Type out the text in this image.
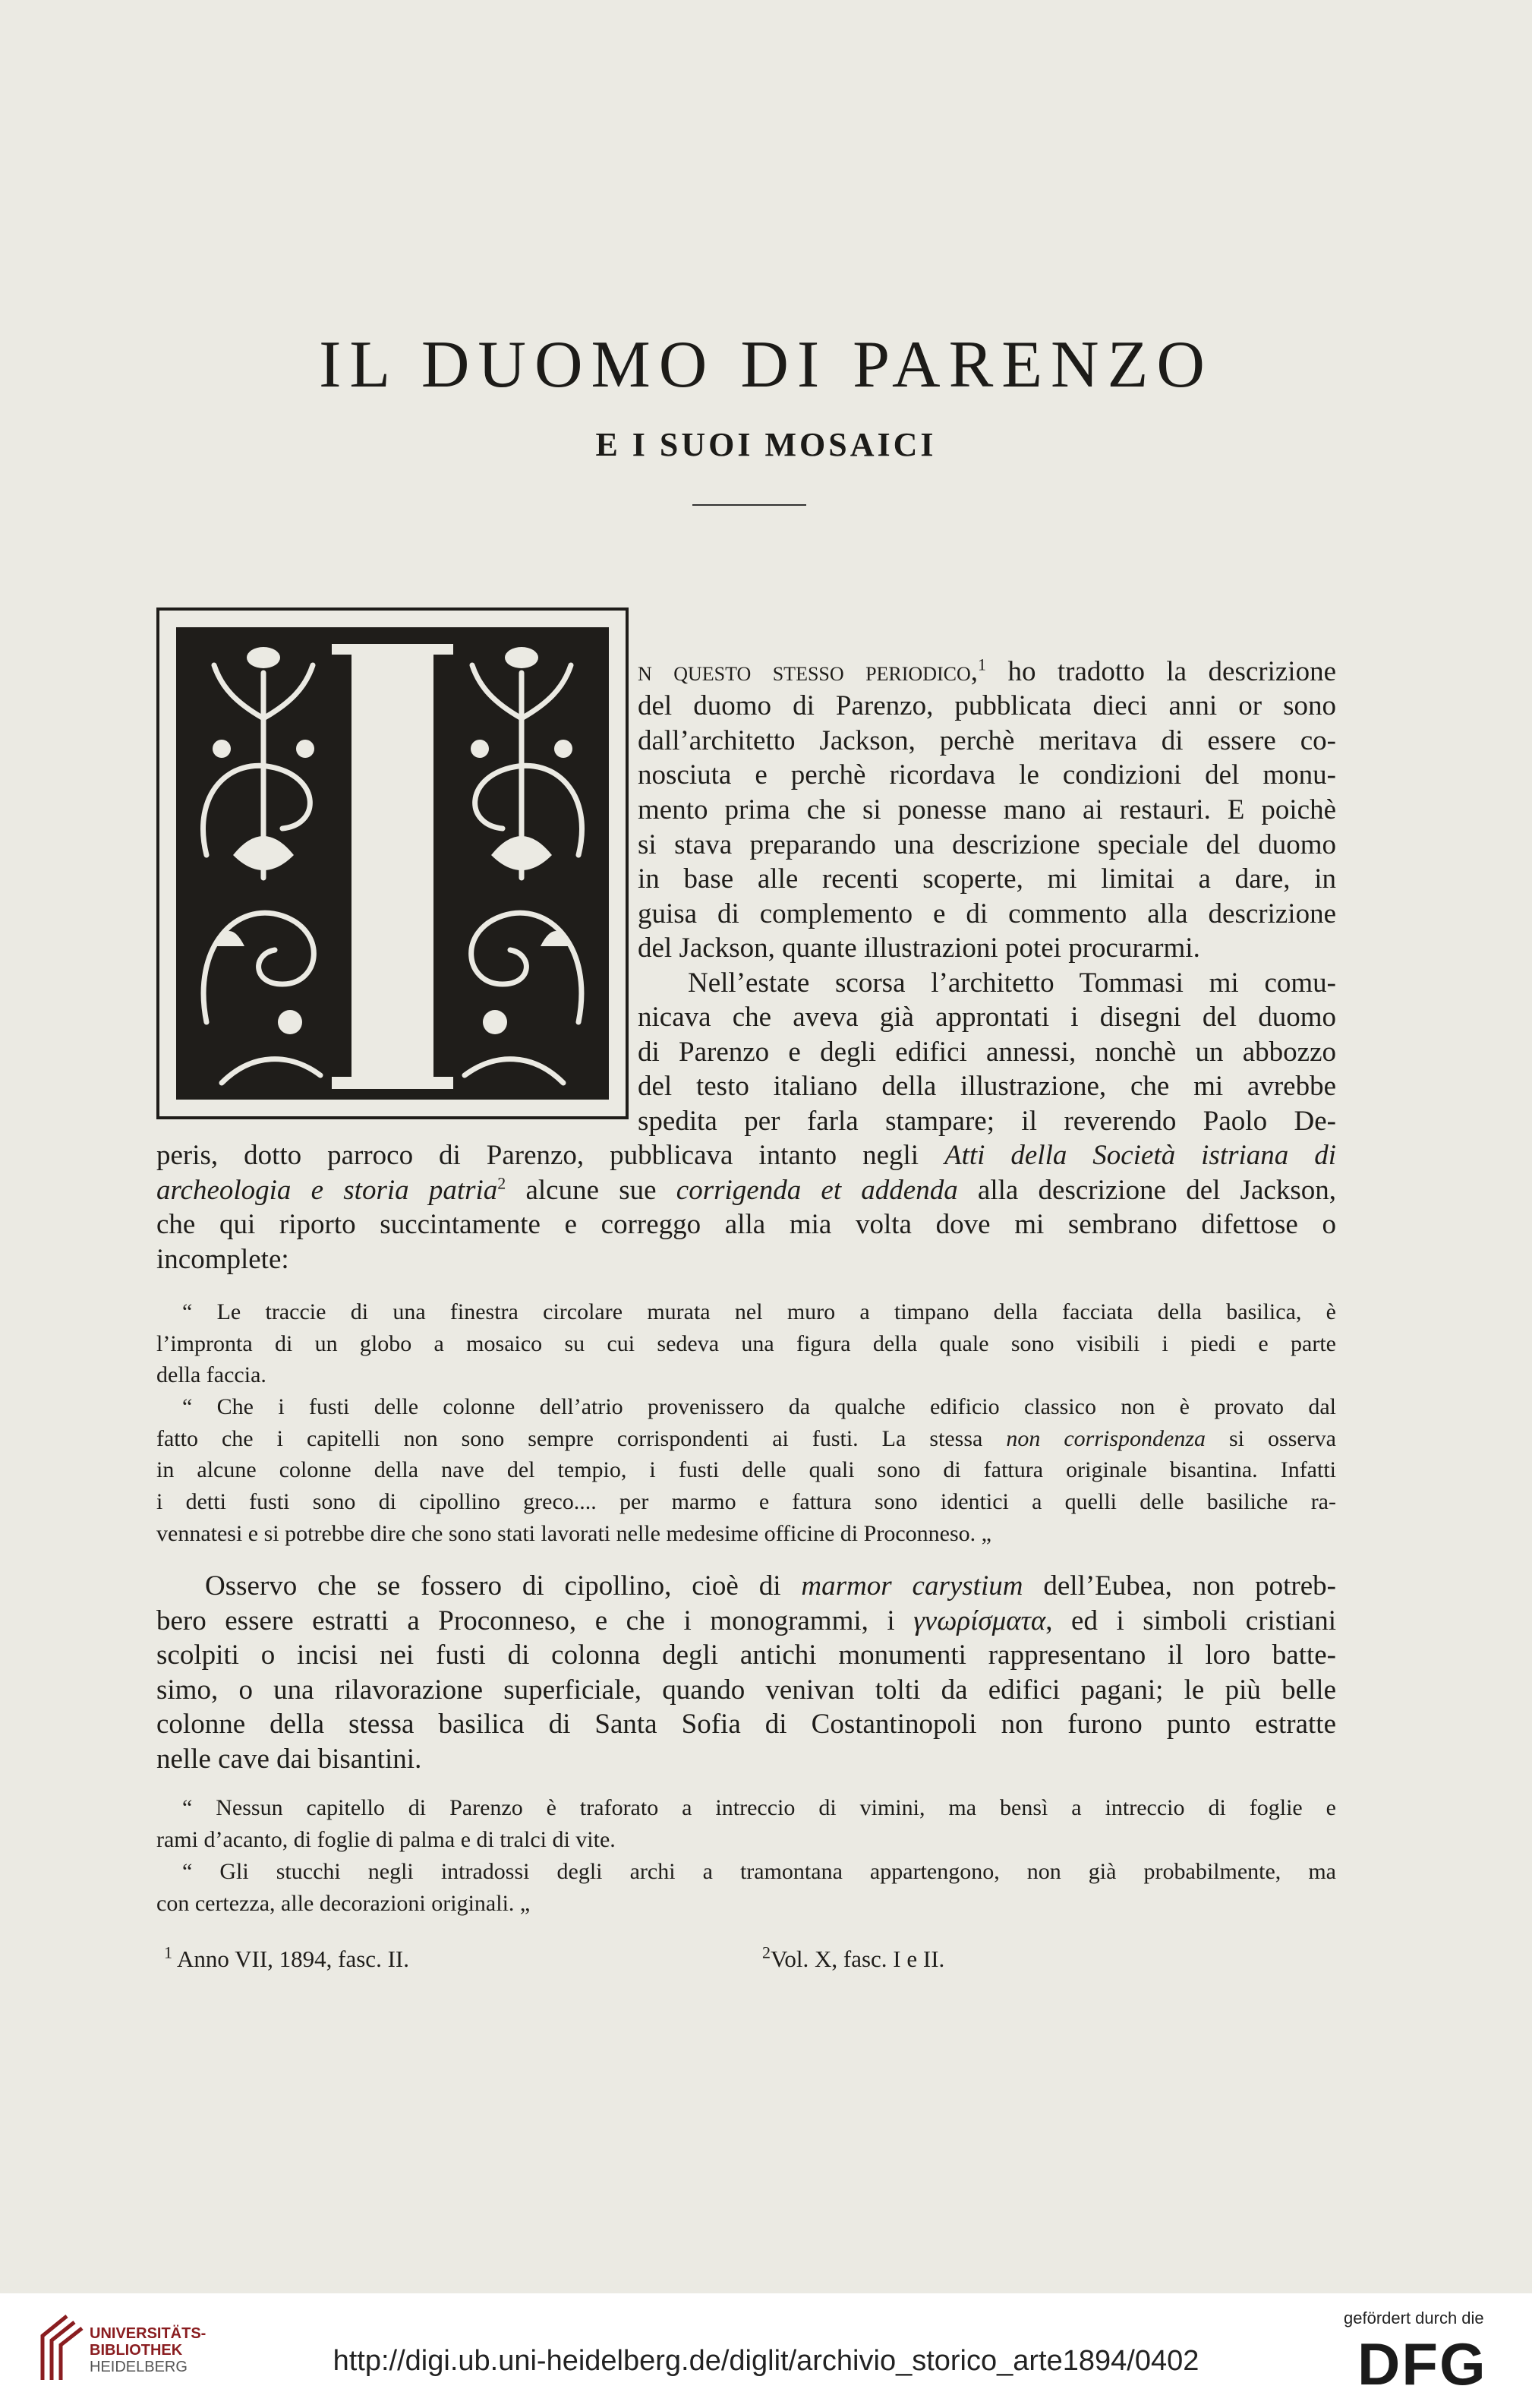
IL DUOMO DI PARENZO
E I SUOI MOSAICI
n questo stesso periodico,$^1$ ho tradotto la descrizione
del duomo di Parenzo, pubblicata dieci anni or sono
dall’architetto Jackson, perchè meritava di essere co-
nosciuta e perchè ricordava le condizioni del monu-
mento prima che si ponesse mano ai restauri. E poichè
si stava preparando una descrizione speciale del duomo
in base alle recenti scoperte, mi limitai a dare, in
guisa di complemento e di commento alla descrizione
del Jackson, quante illustrazioni potei procurarmi.
Nell’estate scorsa l’architetto Tommasi mi comu-
nicava che aveva già approntati i disegni del duomo
di Parenzo e degli edifici annessi, nonchè un abbozzo
del testo italiano della illustrazione, che mi avrebbe
spedita per farla stampare; il reverendo Paolo De-
peris, dotto parroco di Parenzo, pubblicava intanto negli Atti della Società istriana di
archeologia e storia patria$^2$ alcune sue corrigenda et addenda alla descrizione del Jackson,
che qui riporto succintamente e correggo alla mia volta dove mi sembrano difettose o
incomplete:
“ Le traccie di una finestra circolare murata nel muro a timpano della facciata della basilica, è
l’impronta di un globo a mosaico su cui sedeva una figura della quale sono visibili i piedi e parte
della faccia.
“ Che i fusti delle colonne dell’atrio provenissero da qualche edificio classico non è provato dal
fatto che i capitelli non sono sempre corrispondenti ai fusti. La stessa non corrispondenza si osserva
in alcune colonne della nave del tempio, i fusti delle quali sono di fattura originale bisantina. Infatti
i detti fusti sono di cipollino greco.... per marmo e fattura sono identici a quelli delle basiliche ra-
vennatesi e si potrebbe dire che sono stati lavorati nelle medesime officine di Proconneso. „
Osservo che se fossero di cipollino, cioè di marmor carystium dell’Eubea, non potreb-
bero essere estratti a Proconneso, e che i monogrammi, i γνωρίσματα, ed i simboli cristiani
scolpiti o incisi nei fusti di colonna degli antichi monumenti rappresentano il loro batte-
simo, o una rilavorazione superficiale, quando venivan tolti da edifici pagani; le più belle
colonne della stessa basilica di Santa Sofia di Costantinopoli non furono punto estratte
nelle cave dai bisantini.
“ Nessun capitello di Parenzo è traforato a intreccio di vimini, ma bensì a intreccio di foglie e
rami d’acanto, di foglie di palma e di tralci di vite.
“ Gli stucchi negli intradossi degli archi a tramontana appartengono, non già probabilmente, ma
con certezza, alle decorazioni originali. „
$^1$ Anno VII, 1894, fasc. II.	$^2$Vol. X, fasc. I e II.
UNIVERSITÄTS-
BIBLIOTHEK
HEIDELBERG	http://digi.ub.uni-heidelberg.de/diglit/archivio_storico_arte1894/0402
gefördert durch die
DFG
